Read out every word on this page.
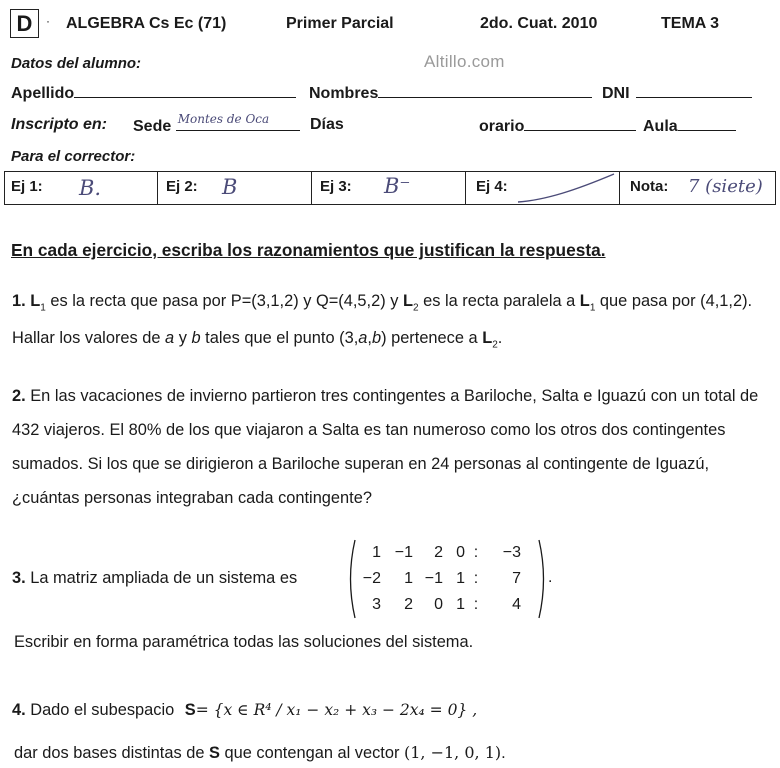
D	· ALGEBRA Cs Ec (71)	Primer Parcial	2do. Cuat. 2010	TEMA 3
Altillo.com
Datos del alumno:
Apellido	Nombres	DNI
Inscripto en: Sede Montes de Oca	Días	orario	Aula
Para el corrector:
Ej 1: B.	Ej 2: B	Ej 3: B⁻	Ej 4:	Nota: 7 (siete)
En cada ejercicio, escriba los razonamientos que justifican la respuesta.
1. $L_1$ es la recta que pasa por P=(3,1,2) y Q=(4,5,2) y $L_2$ es la recta paralela a $L_1$ que pasa por (4,1,2). Hallar los valores de a y b tales que el punto (3,a,b) pertenece a $L_2$.
2. En las vacaciones de invierno partieron tres contingentes a Bariloche, Salta e Iguazú con un total de 432 viajeros. El 80% de los que viajaron a Salta es tan numeroso como los otros dos contingentes sumados. Si los que se dirigieron a Bariloche superan en 24 personas al contingente de Iguazú, ¿cuántas personas integraban cada contingente?
3. La matriz ampliada de un sistema es
1	−1	2	0	:	−3
−2	1	−1	1	:	7
3	2	0	1	:	4
.
Escribir en forma paramétrica todas las soluciones del sistema.
4. Dado el subespacio S= {x ∈ R⁴ / x₁ − x₂ + x₃ − 2x₄ = 0} ,
dar dos bases distintas de S que contengan al vector (1, −1, 0, 1).
